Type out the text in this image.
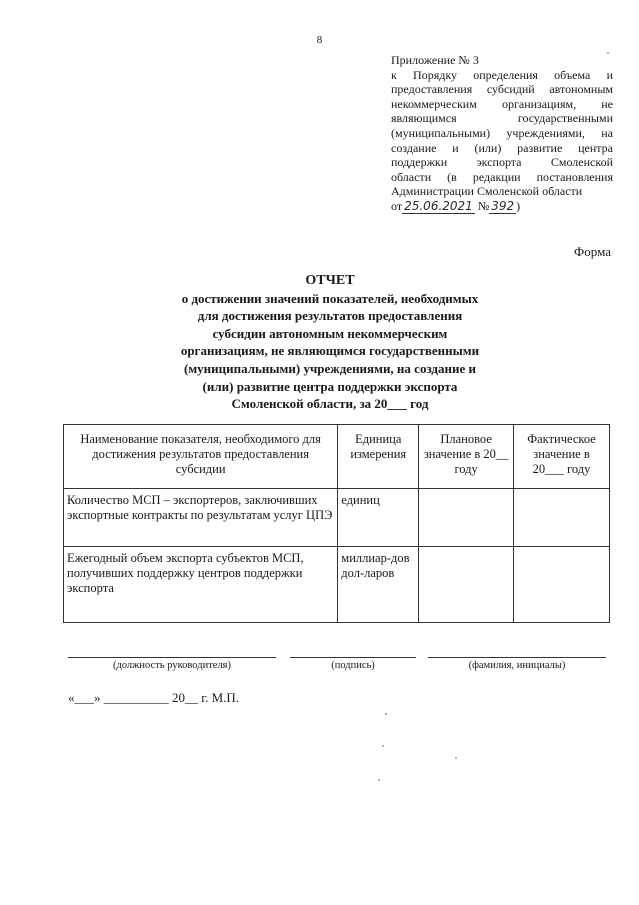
8
Приложение № 3
к Порядку определения объема и
предоставления субсидий автономным
некоммерческим организациям, не
являющимся государственными
(муниципальными) учреждениями, на
создание и (или) развитие центра
поддержки экспорта Смоленской
области (в редакции постановления
Администрации Смоленской области
от 25.06.2021 № 392 )
Форма
ОТЧЕТ
о достижении значений показателей, необходимых
для достижения результатов предоставления
субсидии автономным некоммерческим
организациям, не являющимся государственными
(муниципальными) учреждениями, на создание и
(или) развитие центра поддержки экспорта
Смоленской области, за 20___ год
Наименование показателя, необходимого для достижения результатов предоставления субсидии	Единица измерения	Плановое значение в 20__ году	Фактическое значение в 20___ году
Количество МСП – экспортеров, заключивших экспортные контракты по результатам услуг ЦПЭ	единиц		
Ежегодный объем экспорта субъектов МСП, получивших поддержку центров поддержки экспорта	миллиар-дов дол-ларов		
(должность руководителя)	(подпись)	(фамилия, инициалы)
«___» __________ 20__ г. М.П.
